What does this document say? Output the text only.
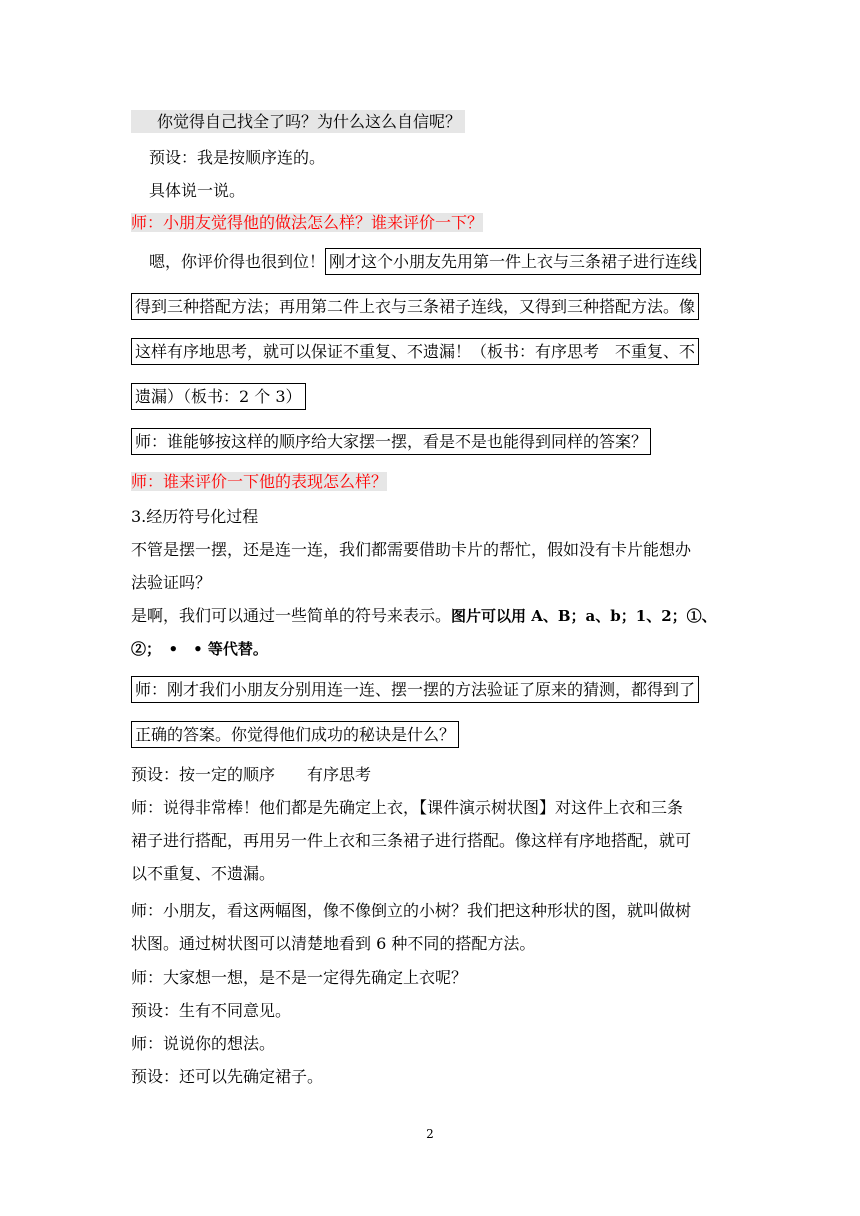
你觉得自己找全了吗？为什么这么自信呢？
预设：我是按顺序连的。
具体说一说。
师：小朋友觉得他的做法怎么样？谁来评价一下？
嗯，你评价得也很到位！ 刚才这个小朋友先用第一件上衣与三条裙子进行连线
得到三种搭配方法；再用第二件上衣与三条裙子连线，又得到三种搭配方法。像
这样有序地思考，就可以保证不重复、不遗漏！（板书：有序思考　不重复、不
遗漏）（板书：2 个 3）
师：谁能够按这样的顺序给大家摆一摆，看是不是也能得到同样的答案？
师：谁来评价一下他的表现怎么样？
3.经历符号化过程
不管是摆一摆，还是连一连，我们都需要借助卡片的帮忙，假如没有卡片能想办
法验证吗？
是啊，我们可以通过一些简单的符号来表示。图片可以用 A、B；a、b；1、2；①、
②；　•　• 等代替。
师：刚才我们小朋友分别用连一连、摆一摆的方法验证了原来的猜测，都得到了
正确的答案。你觉得他们成功的秘诀是什么？
预设：按一定的顺序　　有序思考
师：说得非常棒！他们都是先确定上衣，【课件演示树状图】对这件上衣和三条
裙子进行搭配，再用另一件上衣和三条裙子进行搭配。像这样有序地搭配，就可
以不重复、不遗漏。
师：小朋友，看这两幅图，像不像倒立的小树？我们把这种形状的图，就叫做树
状图。通过树状图可以清楚地看到 6 种不同的搭配方法。
师：大家想一想，是不是一定得先确定上衣呢？
预设：生有不同意见。
师：说说你的想法。
预设：还可以先确定裙子。
2
